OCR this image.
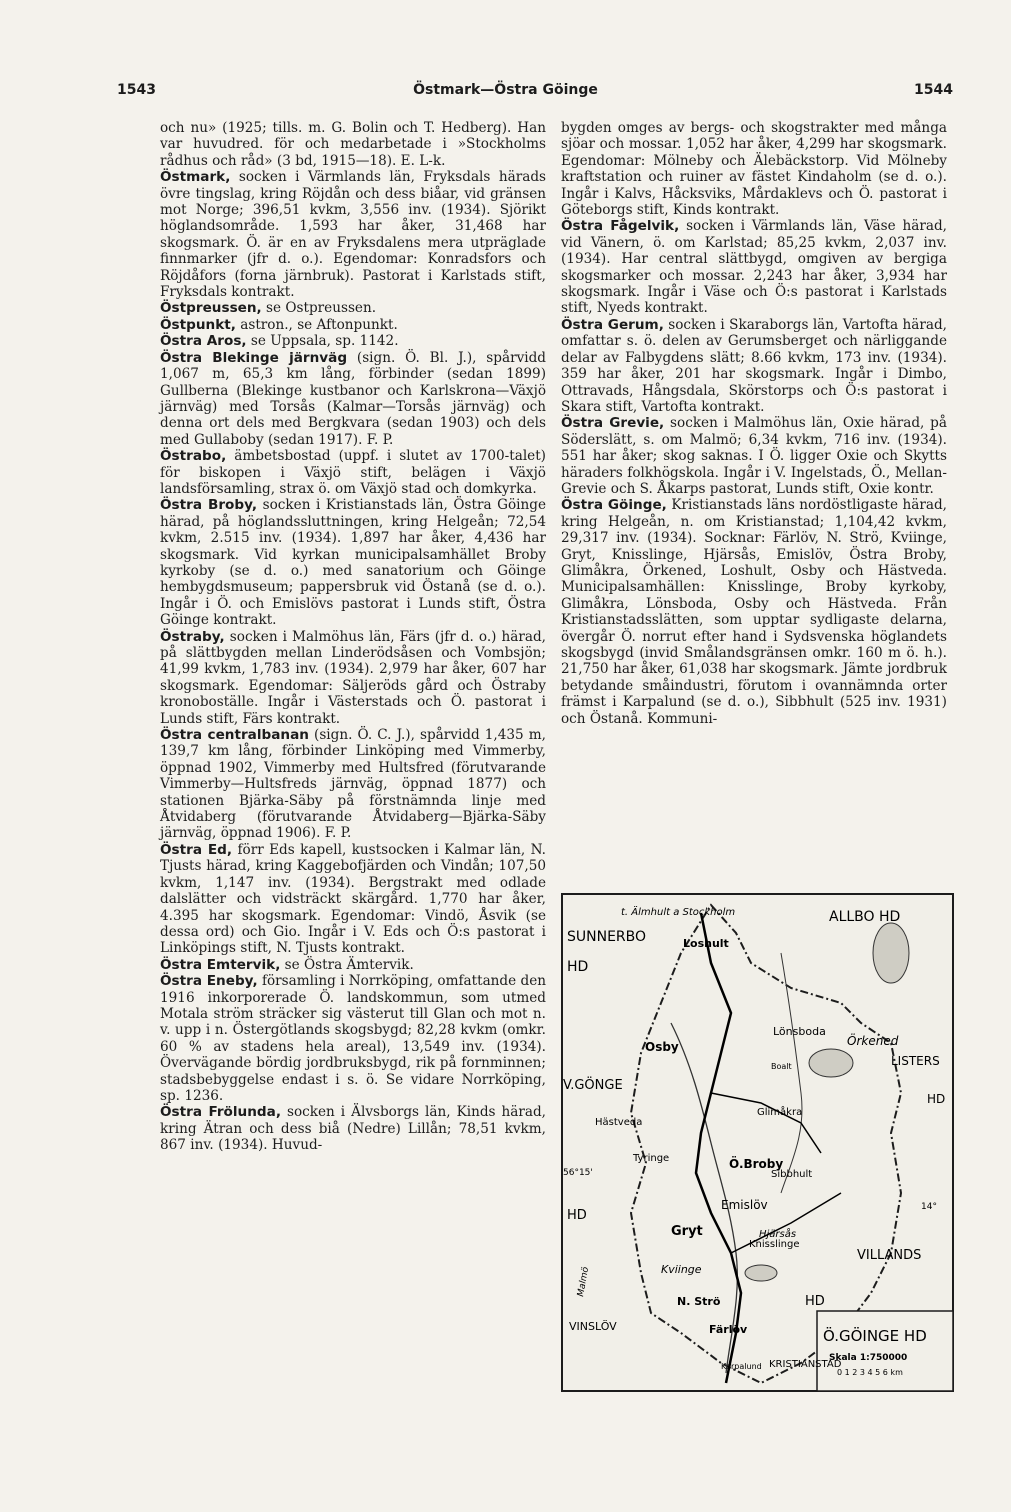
1543	Östmark—Östra Göinge	1544

och nu» (1925; tills. m. G. Bolin och T. Hedberg). Han var huvudred. för och medarbetade i »Stockholms rådhus och råd» (3 bd, 1915—18). E. L-k.

Östmark, socken i Värmlands län, Fryksdals härads övre tingslag, kring Röjdån och dess biåar, vid gränsen mot Norge; 396,51 kvkm, 3,556 inv. (1934). Sjörikt höglandsområde. 1,593 har åker, 31,468 har skogsmark. Ö. är en av Fryksdalens mera utpräglade finnmarker (jfr d. o.). Egendomar: Konradsfors och Röjdåfors (forna järnbruk). Pastorat i Karlstads stift, Fryksdals kontrakt.

Östpreussen, se Ostpreussen.

Östpunkt, astron., se Aftonpunkt.

Östra Aros, se Uppsala, sp. 1142.

Östra Blekinge järnväg (sign. Ö. Bl. J.), spårvidd 1,067 m, 65,3 km lång, förbinder (sedan 1899) Gullberna (Blekinge kustbanor och Karlskrona—Växjö järnväg) med Torsås (Kalmar—Torsås järnväg) och denna ort dels med Bergkvara (sedan 1903) och dels med Gullaboby (sedan 1917). F. P.

Östrabo, ämbetsbostad (uppf. i slutet av 1700-talet) för biskopen i Växjö stift, belägen i Växjö landsförsamling, strax ö. om Växjö stad och domkyrka.

Östra Broby, socken i Kristianstads län, Östra Göinge härad, på höglandssluttningen, kring Helgeån; 72,54 kvkm, 2.515 inv. (1934). 1,897 har åker, 4,436 har skogsmark. Vid kyrkan municipalsamhället Broby kyrkoby (se d. o.) med sanatorium och Göinge hembygdsmuseum; pappersbruk vid Östanå (se d. o.). Ingår i Ö. och Emislövs pastorat i Lunds stift, Östra Göinge kontrakt.

Östraby, socken i Malmöhus län, Färs (jfr d. o.) härad, på slättbygden mellan Linderödsåsen och Vombsjön; 41,99 kvkm, 1,783 inv. (1934). 2,979 har åker, 607 har skogsmark. Egendomar: Säljeröds gård och Östraby kronoboställe. Ingår i Västerstads och Ö. pastorat i Lunds stift, Färs kontrakt.

Östra centralbanan (sign. Ö. C. J.), spårvidd 1,435 m, 139,7 km lång, förbinder Linköping med Vimmerby, öppnad 1902, Vimmerby med Hultsfred (förutvarande Vimmerby—Hultsfreds järnväg, öppnad 1877) och stationen Bjärka-Säby på förstnämnda linje med Åtvidaberg (förutvarande Åtvidaberg—Bjärka-Säby järnväg, öppnad 1906). F. P.

Östra Ed, förr Eds kapell, kustsocken i Kalmar län, N. Tjusts härad, kring Kaggebofjärden och Vindån; 107,50 kvkm, 1,147 inv. (1934). Bergstrakt med odlade dalslätter och vidsträckt skärgård. 1,770 har åker, 4.395 har skogsmark. Egendomar: Vindö, Åsvik (se dessa ord) och Gio. Ingår i V. Eds och Ö:s pastorat i Linköpings stift, N. Tjusts kontrakt.

Östra Emtervik, se Östra Ämtervik.

Östra Eneby, församling i Norrköping, omfattande den 1916 inkorporerade Ö. landskommun, som utmed Motala ström sträcker sig västerut till Glan och mot n. v. upp i n. Östergötlands skogsbygd; 82,28 kvkm (omkr. 60 % av stadens hela areal), 13,549 inv. (1934). Övervägande bördig jordbruksbygd, rik på fornminnen; stadsbebyggelse endast i s. ö. Se vidare Norrköping, sp. 1236.

Östra Frölunda, socken i Älvsborgs län, Kinds härad, kring Ätran och dess biå (Nedre) Lillån; 78,51 kvkm, 867 inv. (1934). Huvud-

bygden omges av bergs- och skogstrakter med många sjöar och mossar. 1,052 har åker, 4,299 har skogsmark. Egendomar: Mölneby och Älebäckstorp. Vid Mölneby kraftstation och ruiner av fästet Kindaholm (se d. o.). Ingår i Kalvs, Håcksviks, Mårdaklevs och Ö. pastorat i Göteborgs stift, Kinds kontrakt.

Östra Fågelvik, socken i Värmlands län, Väse härad, vid Vänern, ö. om Karlstad; 85,25 kvkm, 2,037 inv. (1934). Har central slättbygd, omgiven av bergiga skogsmarker och mossar. 2,243 har åker, 3,934 har skogsmark. Ingår i Väse och Ö:s pastorat i Karlstads stift, Nyeds kontrakt.

Östra Gerum, socken i Skaraborgs län, Vartofta härad, omfattar s. ö. delen av Gerumsberget och närliggande delar av Falbygdens slätt; 8.66 kvkm, 173 inv. (1934). 359 har åker, 201 har skogsmark. Ingår i Dimbo, Ottravads, Hångsdala, Skörstorps och Ö:s pastorat i Skara stift, Vartofta kontrakt.

Östra Grevie, socken i Malmöhus län, Oxie härad, på Söderslätt, s. om Malmö; 6,34 kvkm, 716 inv. (1934). 551 har åker; skog saknas. I Ö. ligger Oxie och Skytts häraders folkhögskola. Ingår i V. Ingelstads, Ö., Mellan-Grevie och S. Åkarps pastorat, Lunds stift, Oxie kontr.

Östra Göinge, Kristianstads läns nordöstligaste härad, kring Helgeån, n. om Kristianstad; 1,104,42 kvkm, 29,317 inv. (1934). Socknar: Färlöv, N. Strö, Kviinge, Gryt, Knisslinge, Hjärsås, Emislöv, Östra Broby, Glimåkra, Örkened, Loshult, Osby och Hästveda. Municipalsamhällen: Knisslinge, Broby kyrkoby, Glimåkra, Lönsboda, Osby och Hästveda. Från Kristianstadsslätten, som upptar sydligaste delarna, övergår Ö. norrut efter hand i Sydsvenska höglandets skogsbygd (invid Smålandsgränsen omkr. 160 m ö. h.). 21,750 har åker, 61,038 har skogsmark. Jämte jordbruk betydande småindustri, förutom i ovannämnda orter främst i Karpalund (se d. o.), Sibbhult (525 inv. 1931) och Östanå. Kommuni-

Ö.GÖINGE HD
Skala 1:750000
0 1 2 3 4 5 6 km
t. Älmhult a Stockholm
SUNNERBO
ALLBO HD
HD
Loshult
Lönsboda
Örkened
LISTERS
Osby
Boalt
V.GÖNGE
HD
Glimåkra
Hästveda
Sibbhult
Tyringe	Ö.Broby
Emislöv	14°
56°15'
HD
Gryt
Knisslinge
Hjärsås
Kviinge
VILLANDS
N. Strö	HD
VINSLÖV	Färlöv
Malmö
Karpalund KRISTIANSTAD
